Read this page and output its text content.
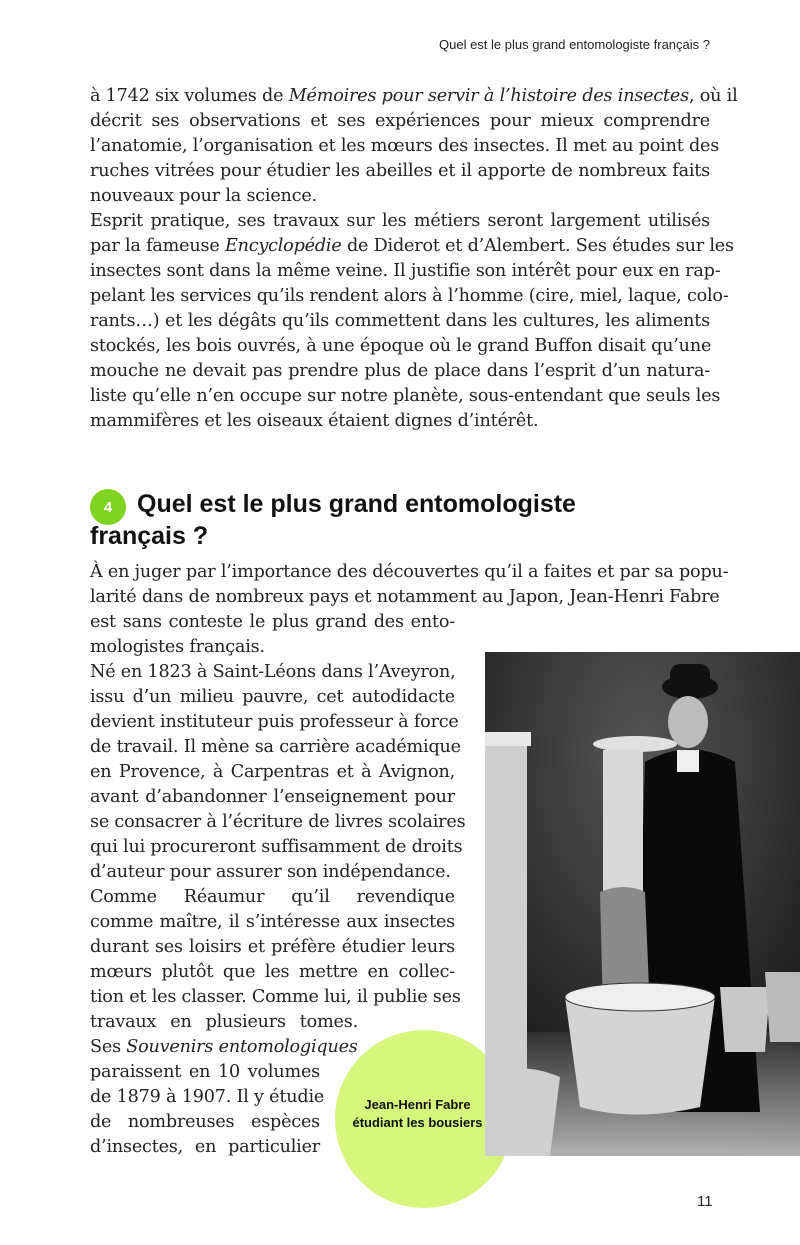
Quel est le plus grand entomologiste français ?
à 1742 six volumes de Mémoires pour servir à l’histoire des insectes, où il
décrit ses observations et ses expériences pour mieux comprendre
l’anatomie, l’organisation et les mœurs des insectes. Il met au point des
ruches vitrées pour étudier les abeilles et il apporte de nombreux faits
nouveaux pour la science.
Esprit pratique, ses travaux sur les métiers seront largement utilisés
par la fameuse Encyclopédie de Diderot et d’Alembert. Ses études sur les
insectes sont dans la même veine. Il justifie son intérêt pour eux en rap-
pelant les services qu’ils rendent alors à l’homme (cire, miel, laque, colo-
rants…) et les dégâts qu’ils commettent dans les cultures, les aliments
stockés, les bois ouvrés, à une époque où le grand Buffon disait qu’une
mouche ne devait pas prendre plus de place dans l’esprit d’un natura-
liste qu’elle n’en occupe sur notre planète, sous-entendant que seuls les
mammifères et les oiseaux étaient dignes d’intérêt.
4 Quel est le plus grand entomologiste
français ?
À en juger par l’importance des découvertes qu’il a faites et par sa popu-
larité dans de nombreux pays et notamment au Japon, Jean-Henri Fabre
est sans conteste le plus grand des ento-
mologistes français.
Né en 1823 à Saint-Léons dans l’Aveyron,
issu d’un milieu pauvre, cet autodidacte
devient instituteur puis professeur à force
de travail. Il mène sa carrière académique
en Provence, à Carpentras et à Avignon,
avant d’abandonner l’enseignement pour
se consacrer à l’écriture de livres scolaires
qui lui procureront suffisamment de droits
d’auteur pour assurer son indépendance.
Comme Réaumur qu’il revendique
comme maître, il s’intéresse aux insectes
durant ses loisirs et préfère étudier leurs
mœurs plutôt que les mettre en collec-
tion et les classer. Comme lui, il publie ses
travaux en plusieurs tomes.
Ses Souvenirs entomologiques
paraissent en 10 volumes
de 1879 à 1907. Il y étudie
de nombreuses espèces
d’insectes, en particulier
Jean-Henri Fabre étudiant les bousiers
11
